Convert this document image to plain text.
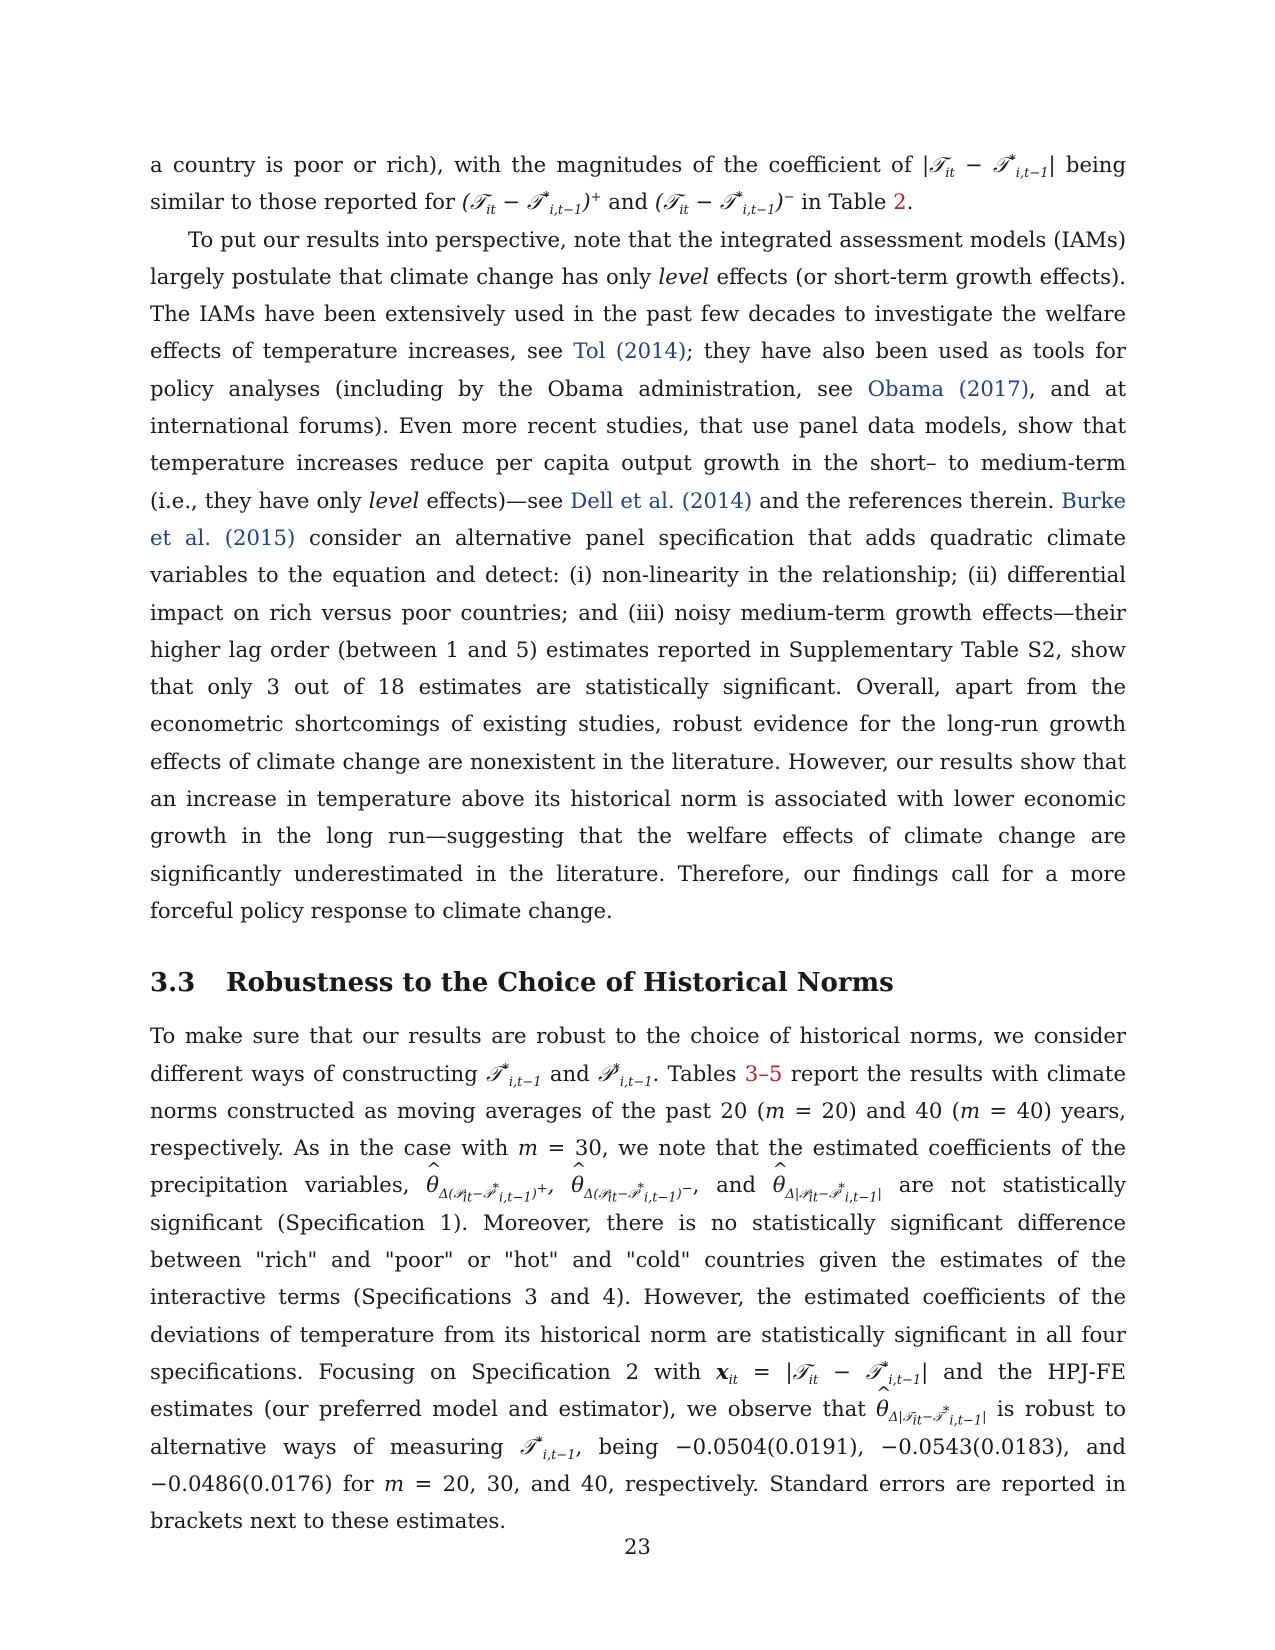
a country is poor or rich), with the magnitudes of the coefficient of |𝒯$_{it}$ − 𝒯*$_{i,t-1}$| being similar to those reported for (𝒯$_{it}$ − 𝒯*$_{i,t-1}$)+ and (𝒯$_{it}$ − 𝒯*$_{i,t-1}$)− in Table 2.

To put our results into perspective, note that the integrated assessment models (IAMs) largely postulate that climate change has only level effects (or short-term growth effects). The IAMs have been extensively used in the past few decades to investigate the welfare effects of temperature increases, see Tol (2014); they have also been used as tools for policy analyses (including by the Obama administration, see Obama (2017), and at international forums). Even more recent studies, that use panel data models, show that temperature increases reduce per capita output growth in the short– to medium-term (i.e., they have only level effects)—see Dell et al. (2014) and the references therein. Burke et al. (2015) consider an alternative panel specification that adds quadratic climate variables to the equation and detect: (i) non-linearity in the relationship; (ii) differential impact on rich versus poor countries; and (iii) noisy medium-term growth effects—their higher lag order (between 1 and 5) estimates reported in Supplementary Table S2, show that only 3 out of 18 estimates are statistically significant. Overall, apart from the econometric shortcomings of existing studies, robust evidence for the long-run growth effects of climate change are nonexistent in the literature. However, our results show that an increase in temperature above its historical norm is associated with lower economic growth in the long run—suggesting that the welfare effects of climate change are significantly underestimated in the literature. Therefore, our findings call for a more forceful policy response to climate change.

3.3 Robustness to the Choice of Historical Norms

To make sure that our results are robust to the choice of historical norms, we consider different ways of constructing 𝒯*$_{i,t-1}$ and 𝒫*$_{i,t-1}$. Tables 3–5 report the results with climate norms constructed as moving averages of the past 20 (m = 20) and 40 (m = 40) years, respectively. As in the case with m = 30, we note that the estimated coefficients of the precipitation variables, ^ $\theta_{\Delta(𝒫_{it}-𝒫^*_{i,t-1})^+}$, ^ $\theta_{\Delta(𝒫_{it}-𝒫^*_{i,t-1})^-}$, and ^ $\theta_{\Delta|𝒫_{it}-𝒫^*_{i,t-1}|}$ are not statistically significant (Specification 1). Moreover, there is no statistically significant difference between "rich" and "poor" or "hot" and "cold" countries given the estimates of the interactive terms (Specifications 3 and 4). However, the estimated coefficients of the deviations of temperature from its historical norm are statistically significant in all four specifications. Focusing on Specification 2 with $x_{it}$ = |𝒯$_{it}$ − 𝒯*$_{i,t-1}$| and the HPJ-FE estimates (our preferred model and estimator), we observe that ^ $\theta_{\Delta|𝒯_{it}-𝒯^*_{i,t-1}|}$ is robust to alternative ways of measuring 𝒯*$_{i,t-1}$, being −0.0504(0.0191), −0.0543(0.0183), and −0.0486(0.0176) for m = 20, 30, and 40, respectively. Standard errors are reported in brackets next to these estimates.

23
